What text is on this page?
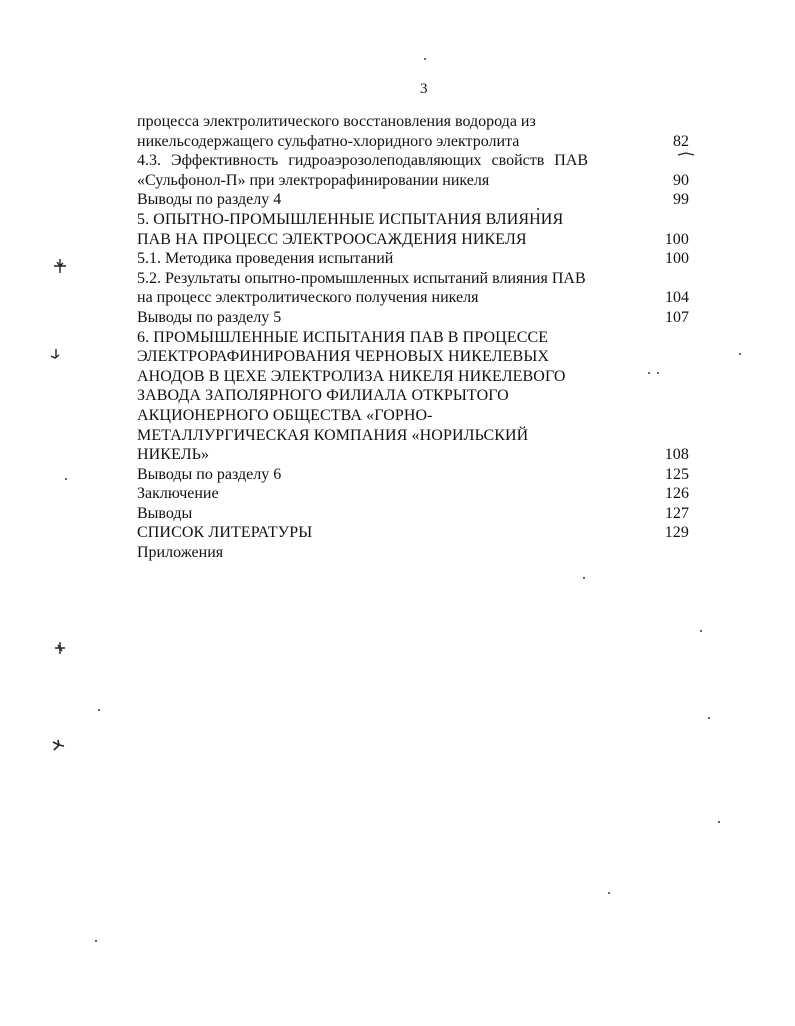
3
процесса электролитического восстановления водорода из
никельсодержащего сульфатно-хлоридного электролита	82
4.3. Эффективность гидроаэрозолеподавляющих свойств ПАВ
«Сульфонол-П» при электрорафинировании никеля	90
Выводы по разделу 4	99
5. ОПЫТНО-ПРОМЫШЛЕННЫЕ ИСПЫТАНИЯ ВЛИЯНИЯ
ПАВ НА ПРОЦЕСС ЭЛЕКТРООСАЖДЕНИЯ НИКЕЛЯ	100
5.1. Методика проведения испытаний	100
5.2. Результаты опытно-промышленных испытаний влияния ПАВ
на процесс электролитического получения никеля	104
Выводы по разделу 5	107
6. ПРОМЫШЛЕННЫЕ ИСПЫТАНИЯ ПАВ В ПРОЦЕССЕ
ЭЛЕКТРОРАФИНИРОВАНИЯ ЧЕРНОВЫХ НИКЕЛЕВЫХ
АНОДОВ В ЦЕХЕ ЭЛЕКТРОЛИЗА НИКЕЛЯ НИКЕЛЕВОГО
ЗАВОДА ЗАПОЛЯРНОГО ФИЛИАЛА ОТКРЫТОГО
АКЦИОНЕРНОГО ОБЩЕСТВА «ГОРНО-
МЕТАЛЛУРГИЧЕСКАЯ КОМПАНИЯ «НОРИЛЬСКИЙ
НИКЕЛЬ»	108
Выводы по разделу 6	125
Заключение	126
Выводы	127
СПИСОК ЛИТЕРАТУРЫ	129
Приложения
